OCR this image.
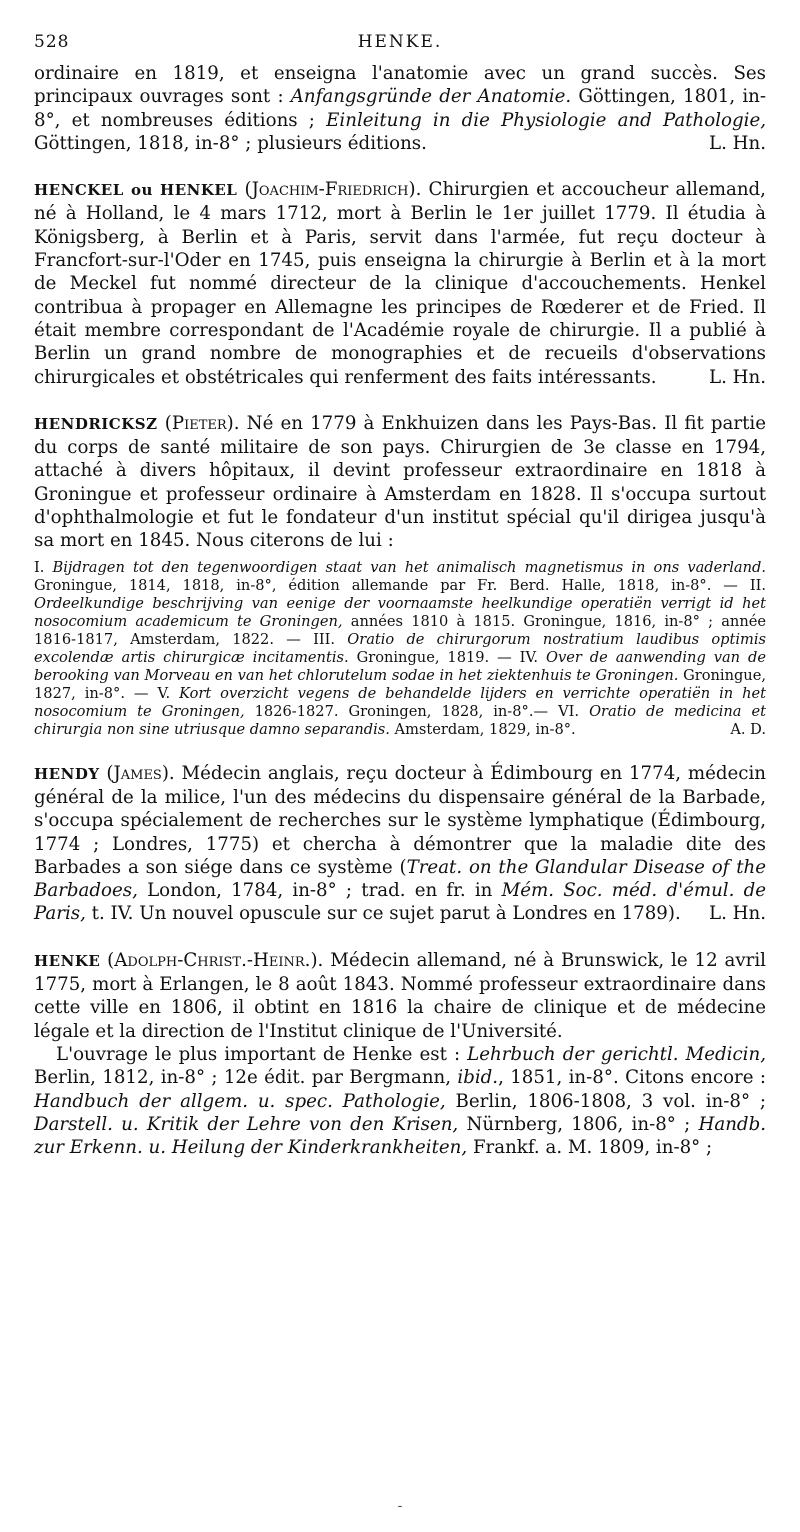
528	HENKE.

ordinaire en 1819, et enseigna l'anatomie avec un grand succès. Ses principaux ouvrages sont : Anfangsgründe der Anatomie. Göttingen, 1801, in-8°, et nombreuses éditions ; Einleitung in die Physiologie and Pathologie, Göttingen, 1818, in-8° ; plusieurs éditions.	L. Hn.

HENCKEL ou HENKEL (Joachim-Friedrich). Chirurgien et accoucheur allemand, né à Holland, le 4 mars 1712, mort à Berlin le 1er juillet 1779. Il étudia à Königsberg, à Berlin et à Paris, servit dans l'armée, fut reçu docteur à Francfort-sur-l'Oder en 1745, puis enseigna la chirurgie à Berlin et à la mort de Meckel fut nommé directeur de la clinique d'accouchements. Henkel contribua à propager en Allemagne les principes de Rœderer et de Fried. Il était membre correspondant de l'Académie royale de chirurgie. Il a publié à Berlin un grand nombre de monographies et de recueils d'observations chirurgicales et obstétricales qui renferment des faits intéressants.	L. Hn.

HENDRICKSZ (Pieter). Né en 1779 à Enkhuizen dans les Pays-Bas. Il fit partie du corps de santé militaire de son pays. Chirurgien de 3e classe en 1794, attaché à divers hôpitaux, il devint professeur extraordinaire en 1818 à Groningue et professeur ordinaire à Amsterdam en 1828. Il s'occupa surtout d'ophthalmologie et fut le fondateur d'un institut spécial qu'il dirigea jusqu'à sa mort en 1845. Nous citerons de lui :

I. Bijdragen tot den tegenwoordigen staat van het animalisch magnetismus in ons vaderland. Groningue, 1814, 1818, in-8°, édition allemande par Fr. Berd. Halle, 1818, in-8°. — II. Ordeelkundige beschrijving van eenige der voornaamste heelkundige operatiën verrigt id het nosocomium academicum te Groningen, années 1810 à 1815. Groningue, 1816, in-8° ; année 1816-1817, Amsterdam, 1822. — III. Oratio de chirurgorum nostratium laudibus optimis excolendæ artis chirurgicæ incitamentis. Groningue, 1819. — IV. Over de aanwending van de berooking van Morveau en van het chlorutelum sodae in het ziektenhuis te Groningen. Groningue, 1827, in-8°. — V. Kort overzicht vegens de behandelde lijders en verrichte operatiën in het nosocomium te Groningen, 1826-1827. Groningen, 1828, in-8°.— VI. Oratio de medicina et chirurgia non sine utriusque damno separandis. Amsterdam, 1829, in-8°.	A. D.

HENDY (James). Médecin anglais, reçu docteur à Édimbourg en 1774, médecin général de la milice, l'un des médecins du dispensaire général de la Barbade, s'occupa spécialement de recherches sur le système lymphatique (Édimbourg, 1774 ; Londres, 1775) et chercha à démontrer que la maladie dite des Barbades a son siége dans ce système (Treat. on the Glandular Disease of the Barbadoes, London, 1784, in-8° ; trad. en fr. in Mém. Soc. méd. d'émul. de Paris, t. IV. Un nouvel opuscule sur ce sujet parut à Londres en 1789).	L. Hn.

HENKE (Adolph-Christ.-Heinr.). Médecin allemand, né à Brunswick, le 12 avril 1775, mort à Erlangen, le 8 août 1843. Nommé professeur extraordinaire dans cette ville en 1806, il obtint en 1816 la chaire de clinique et de médecine légale et la direction de l'Institut clinique de l'Université.

L'ouvrage le plus important de Henke est : Lehrbuch der gerichtl. Medicin, Berlin, 1812, in-8° ; 12e édit. par Bergmann, ibid., 1851, in-8°. Citons encore : Handbuch der allgem. u. spec. Pathologie, Berlin, 1806-1808, 3 vol. in-8° ; Darstell. u. Kritik der Lehre von den Krisen, Nürnberg, 1806, in-8° ; Handb. zur Erkenn. u. Heilung der Kinderkrankheiten, Frankf. a. M. 1809, in-8° ;

-
